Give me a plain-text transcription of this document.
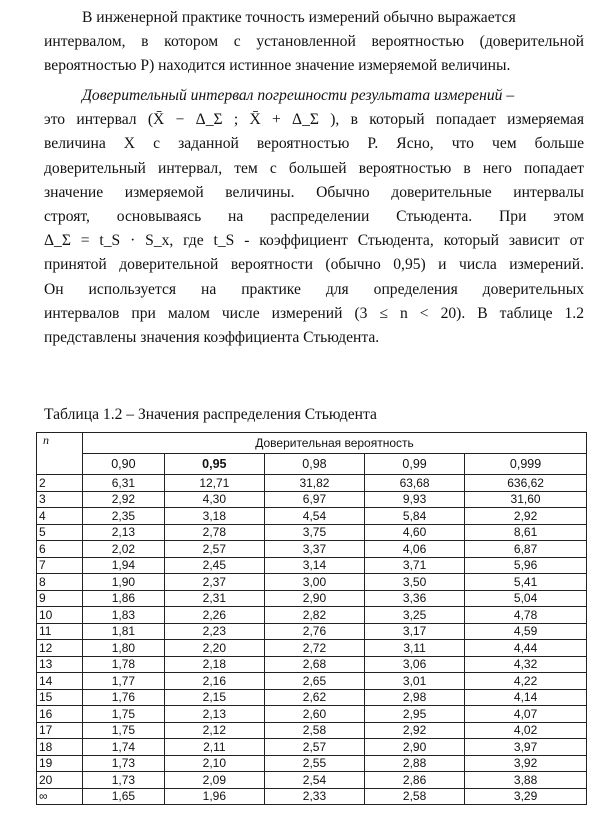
В инженерной практике точность измерений обычно выражается
интервалом, в котором с установленной вероятностью (доверительной
вероятностью P) находится истинное значение измеряемой величины.
Доверительный интервал погрешности результата измерений –
это интервал (X̄ − Δ_Σ ; X̄ + Δ_Σ ), в который попадает измеряемая
величина X с заданной вероятностью P. Ясно, что чем больше
доверительный интервал, тем с большей вероятностью в него попадает
значение измеряемой величины. Обычно доверительные интервалы
строят, основываясь на распределении Стьюдента. При этом
Δ_Σ = t_S · S_x, где t_S - коэффициент Стьюдента, который зависит от
принятой доверительной вероятности (обычно 0,95) и числа измерений.
Он используется на практике для определения доверительных
интервалов при малом числе измерений (3 ≤ n < 20). В таблице 1.2
представлены значения коэффициента Стьюдента.
Таблица 1.2 – Значения распределения Стьюдента
n	Доверительная вероятность				
	0,90	0,95	0,98	0,99	0,999
2	6,31	12,71	31,82	63,68	636,62
3	2,92	4,30	6,97	9,93	31,60
4	2,35	3,18	4,54	5,84	2,92
5	2,13	2,78	3,75	4,60	8,61
6	2,02	2,57	3,37	4,06	6,87
7	1,94	2,45	3,14	3,71	5,96
8	1,90	2,37	3,00	3,50	5,41
9	1,86	2,31	2,90	3,36	5,04
10	1,83	2,26	2,82	3,25	4,78
11	1,81	2,23	2,76	3,17	4,59
12	1,80	2,20	2,72	3,11	4,44
13	1,78	2,18	2,68	3,06	4,32
14	1,77	2,16	2,65	3,01	4,22
15	1,76	2,15	2,62	2,98	4,14
16	1,75	2,13	2,60	2,95	4,07
17	1,75	2,12	2,58	2,92	4,02
18	1,74	2,11	2,57	2,90	3,97
19	1,73	2,10	2,55	2,88	3,92
20	1,73	2,09	2,54	2,86	3,88
∞	1,65	1,96	2,33	2,58	3,29
